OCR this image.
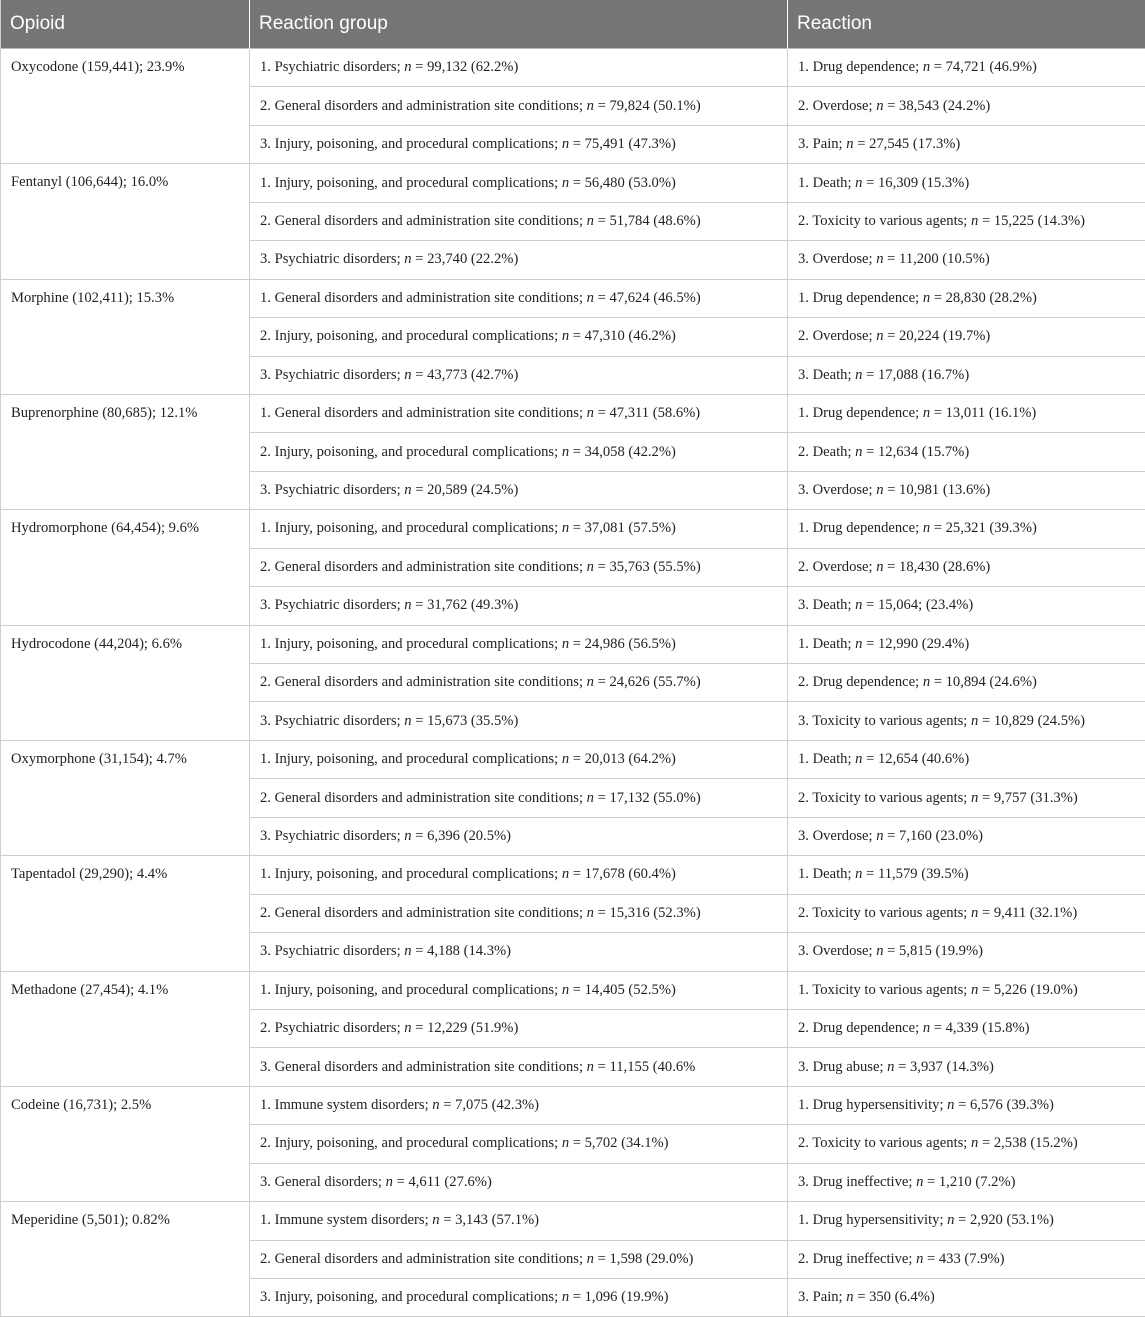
Opioid	Reaction group	Reaction
Oxycodone (159,441); 23.9%	1. Psychiatric disorders; n = 99,132 (62.2%)	1. Drug dependence; n = 74,721 (46.9%)
	2. General disorders and administration site conditions; n = 79,824 (50.1%)	2. Overdose; n = 38,543 (24.2%)
	3. Injury, poisoning, and procedural complications; n = 75,491 (47.3%)	3. Pain; n = 27,545 (17.3%)
Fentanyl (106,644); 16.0%	1. Injury, poisoning, and procedural complications; n = 56,480 (53.0%)	1. Death; n = 16,309 (15.3%)
	2. General disorders and administration site conditions; n = 51,784 (48.6%)	2. Toxicity to various agents; n = 15,225 (14.3%)
	3. Psychiatric disorders; n = 23,740 (22.2%)	3. Overdose; n = 11,200 (10.5%)
Morphine (102,411); 15.3%	1. General disorders and administration site conditions; n = 47,624 (46.5%)	1. Drug dependence; n = 28,830 (28.2%)
	2. Injury, poisoning, and procedural complications; n = 47,310 (46.2%)	2. Overdose; n = 20,224 (19.7%)
	3. Psychiatric disorders; n = 43,773 (42.7%)	3. Death; n = 17,088 (16.7%)
Buprenorphine (80,685); 12.1%	1. General disorders and administration site conditions; n = 47,311 (58.6%)	1. Drug dependence; n = 13,011 (16.1%)
	2. Injury, poisoning, and procedural complications; n = 34,058 (42.2%)	2. Death; n = 12,634 (15.7%)
	3. Psychiatric disorders; n = 20,589 (24.5%)	3. Overdose; n = 10,981 (13.6%)
Hydromorphone (64,454); 9.6%	1. Injury, poisoning, and procedural complications; n = 37,081 (57.5%)	1. Drug dependence; n = 25,321 (39.3%)
	2. General disorders and administration site conditions; n = 35,763 (55.5%)	2. Overdose; n = 18,430 (28.6%)
	3. Psychiatric disorders; n = 31,762 (49.3%)	3. Death; n = 15,064; (23.4%)
Hydrocodone (44,204); 6.6%	1. Injury, poisoning, and procedural complications; n = 24,986 (56.5%)	1. Death; n = 12,990 (29.4%)
	2. General disorders and administration site conditions; n = 24,626 (55.7%)	2. Drug dependence; n = 10,894 (24.6%)
	3. Psychiatric disorders; n = 15,673 (35.5%)	3. Toxicity to various agents; n = 10,829 (24.5%)
Oxymorphone (31,154); 4.7%	1. Injury, poisoning, and procedural complications; n = 20,013 (64.2%)	1. Death; n = 12,654 (40.6%)
	2. General disorders and administration site conditions; n = 17,132 (55.0%)	2. Toxicity to various agents; n = 9,757 (31.3%)
	3. Psychiatric disorders; n = 6,396 (20.5%)	3. Overdose; n = 7,160 (23.0%)
Tapentadol (29,290); 4.4%	1. Injury, poisoning, and procedural complications; n = 17,678 (60.4%)	1. Death; n = 11,579 (39.5%)
	2. General disorders and administration site conditions; n = 15,316 (52.3%)	2. Toxicity to various agents; n = 9,411 (32.1%)
	3. Psychiatric disorders; n = 4,188 (14.3%)	3. Overdose; n = 5,815 (19.9%)
Methadone (27,454); 4.1%	1. Injury, poisoning, and procedural complications; n = 14,405 (52.5%)	1. Toxicity to various agents; n = 5,226 (19.0%)
	2. Psychiatric disorders; n = 12,229 (51.9%)	2. Drug dependence; n = 4,339 (15.8%)
	3. General disorders and administration site conditions; n = 11,155 (40.6%	3. Drug abuse; n = 3,937 (14.3%)
Codeine (16,731); 2.5%	1. Immune system disorders; n = 7,075 (42.3%)	1. Drug hypersensitivity; n = 6,576 (39.3%)
	2. Injury, poisoning, and procedural complications; n = 5,702 (34.1%)	2. Toxicity to various agents; n = 2,538 (15.2%)
	3. General disorders; n = 4,611 (27.6%)	3. Drug ineffective; n = 1,210 (7.2%)
Meperidine (5,501); 0.82%	1. Immune system disorders; n = 3,143 (57.1%)	1. Drug hypersensitivity; n = 2,920 (53.1%)
	2. General disorders and administration site conditions; n = 1,598 (29.0%)	2. Drug ineffective; n = 433 (7.9%)
	3. Injury, poisoning, and procedural complications; n = 1,096 (19.9%)	3. Pain; n = 350 (6.4%)
